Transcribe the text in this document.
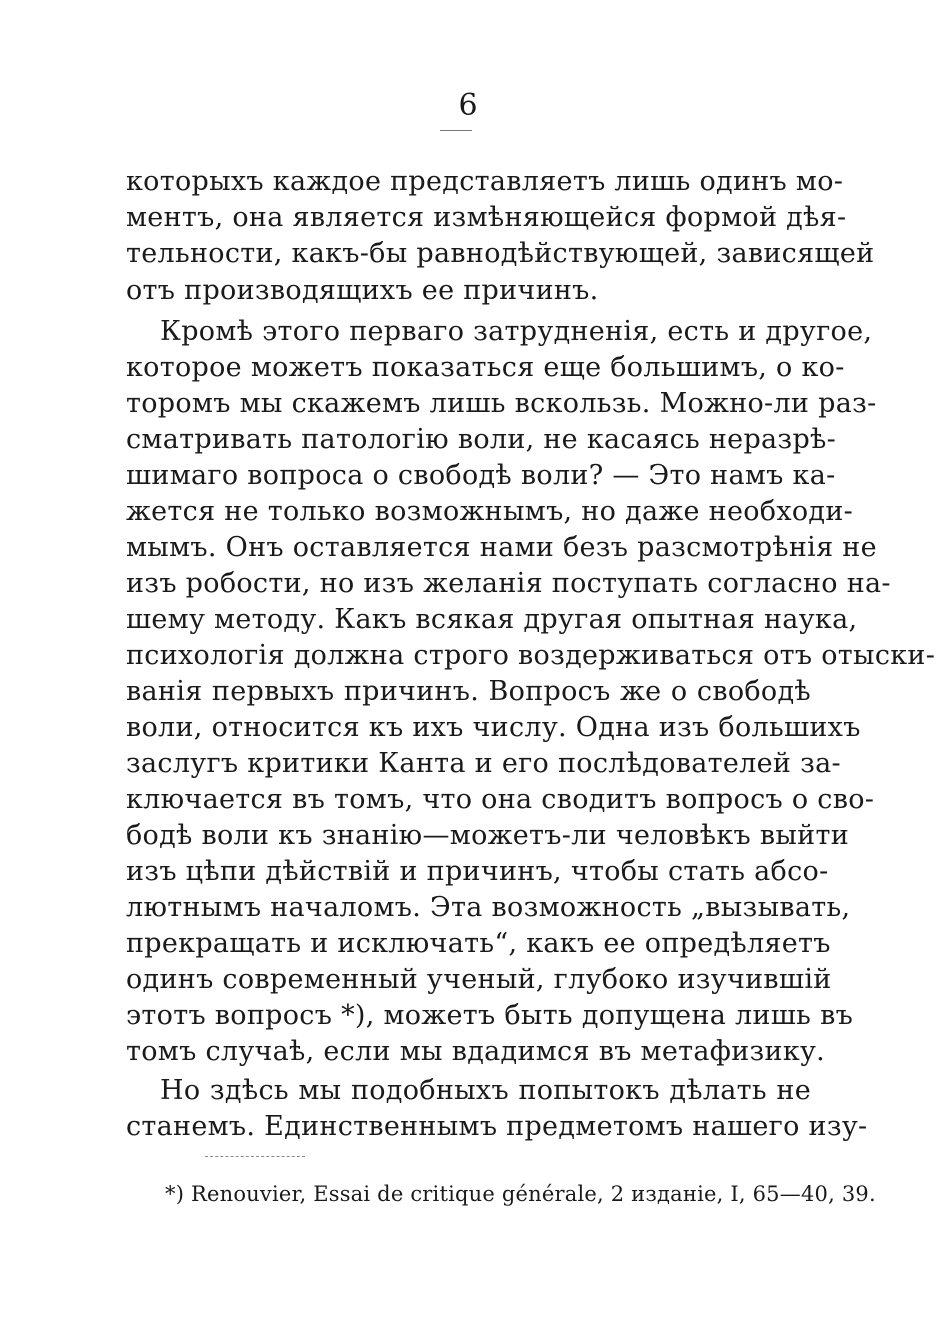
6
которыхъ каждое представляетъ лишь одинъ мо-
ментъ, она является измѣняющейся формой дѣя-
тельности, какъ-бы равнодѣйствующей, зависящей
отъ производящихъ ее причинъ.
Кромѣ этого перваго затрудненія, есть и другое,
которое можетъ показаться еще большимъ, о ко-
торомъ мы скажемъ лишь вскользь. Можно-ли раз-
сматривать патологію воли, не касаясь неразрѣ-
шимаго вопроса о свободѣ воли? — Это намъ ка-
жется не только возможнымъ, но даже необходи-
мымъ. Онъ оставляется нами безъ разсмотрѣнія не
изъ робости, но изъ желанія поступать согласно на-
шему методу. Какъ всякая другая опытная наука,
психологія должна строго воздерживаться отъ отыски-
ванія первыхъ причинъ. Вопросъ же о свободѣ
воли, относится къ ихъ числу. Одна изъ большихъ
заслугъ критики Канта и его послѣдователей за-
ключается въ томъ, что она сводитъ вопросъ о сво-
бодѣ воли къ знанію—можетъ-ли человѣкъ выйти
изъ цѣпи дѣйствій и причинъ, чтобы стать абсо-
лютнымъ началомъ. Эта возможность „вызывать,
прекращать и исключать“, какъ ее опредѣляетъ
одинъ современный ученый, глубоко изучившій
этотъ вопросъ *), можетъ быть допущена лишь въ
томъ случаѣ, если мы вдадимся въ метафизику.
Но здѣсь мы подобныхъ попытокъ дѣлать не
станемъ. Единственнымъ предметомъ нашего изу-
*) Renouvier, Essai de critique générale, 2 изданіе, I, 65—40, 39.
